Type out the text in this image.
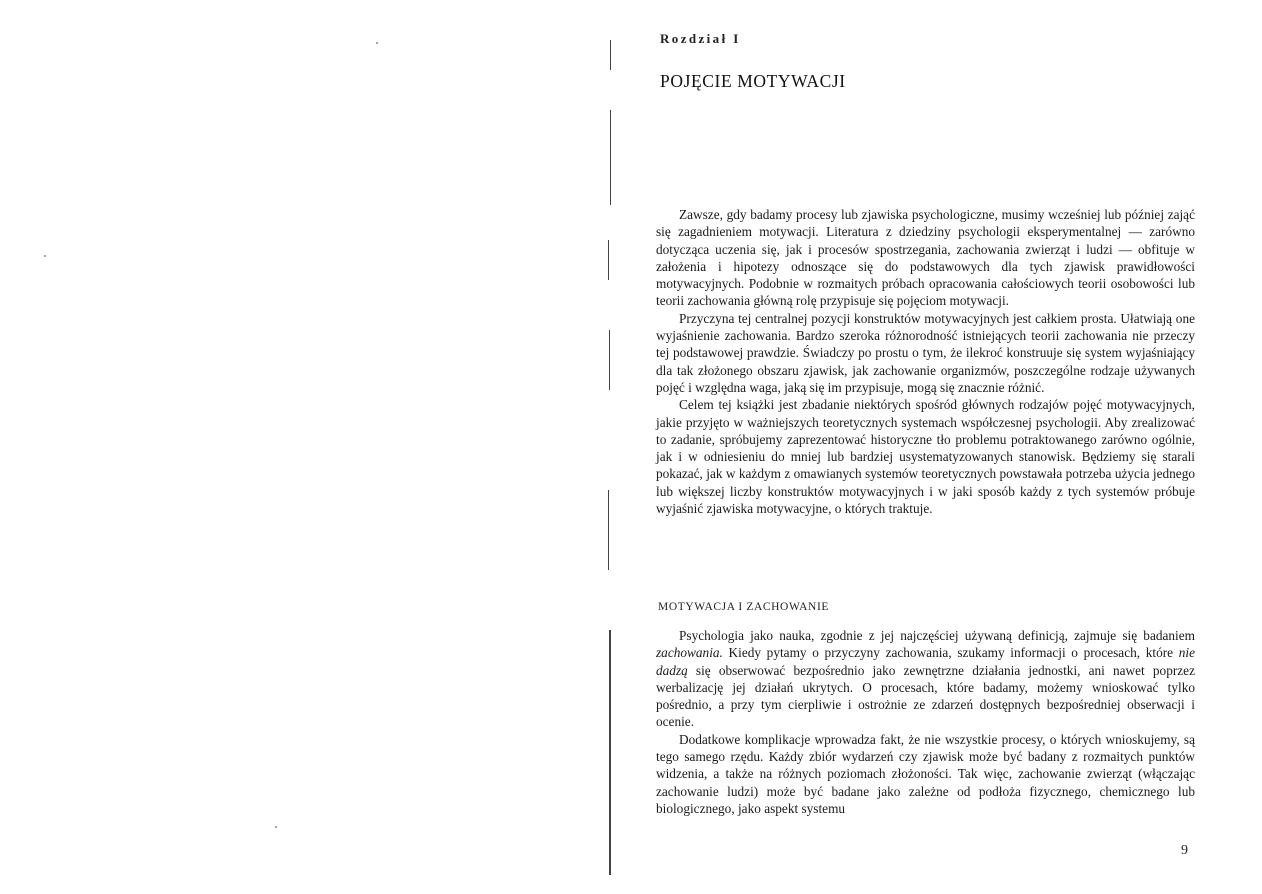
Rozdział I
POJĘCIE MOTYWACJI

Zawsze, gdy badamy procesy lub zjawiska psychologiczne, musimy wcześniej lub później zająć się zagadnieniem motywacji. Literatura z dziedziny psychologii eksperymentalnej — zarówno dotycząca uczenia się, jak i procesów spostrzegania, zachowania zwierząt i ludzi — obfituje w założenia i hipotezy odnoszące się do podstawowych dla tych zjawisk prawidłowości motywacyjnych. Podobnie w rozmaitych próbach opracowania całościowych teorii osobowości lub teorii zachowania główną rolę przypisuje się pojęciom motywacji.

Przyczyna tej centralnej pozycji konstruktów motywacyjnych jest całkiem prosta. Ułatwiają one wyjaśnienie zachowania. Bardzo szeroka różnorodność istniejących teorii zachowania nie przeczy tej podstawowej prawdzie. Świadczy po prostu o tym, że ilekroć konstruuje się system wyjaśniający dla tak złożonego obszaru zjawisk, jak zachowanie organizmów, poszczególne rodzaje używanych pojęć i względna waga, jaką się im przypisuje, mogą się znacznie różnić.

Celem tej książki jest zbadanie niektórych spośród głównych rodzajów pojęć motywacyjnych, jakie przyjęto w ważniejszych teoretycznych systemach współczesnej psychologii. Aby zrealizować to zadanie, spróbujemy zaprezentować historyczne tło problemu potraktowanego zarówno ogólnie, jak i w odniesieniu do mniej lub bardziej usystematyzowanych stanowisk. Będziemy się starali pokazać, jak w każdym z omawianych systemów teoretycznych powstawała potrzeba użycia jednego lub większej liczby konstruktów motywacyjnych i w jaki sposób każdy z tych systemów próbuje wyjaśnić zjawiska motywacyjne, o których traktuje.

MOTYWACJA I ZACHOWANIE

Psychologia jako nauka, zgodnie z jej najczęściej używaną definicją, zajmuje się badaniem zachowania. Kiedy pytamy o przyczyny zachowania, szukamy informacji o procesach, które nie dadzą się obserwować bezpośrednio jako zewnętrzne działania jednostki, ani nawet poprzez werbalizację jej działań ukrytych. O procesach, które badamy, możemy wnioskować tylko pośrednio, a przy tym cierpliwie i ostrożnie ze zdarzeń dostępnych bezpośredniej obserwacji i ocenie.

Dodatkowe komplikacje wprowadza fakt, że nie wszystkie procesy, o których wnioskujemy, są tego samego rzędu. Każdy zbiór wydarzeń czy zjawisk może być badany z rozmaitych punktów widzenia, a także na różnych poziomach złożoności. Tak więc, zachowanie zwierząt (włączając zachowanie ludzi) może być badane jako zależne od podłoża fizycznego, chemicznego lub biologicznego, jako aspekt systemu

9
